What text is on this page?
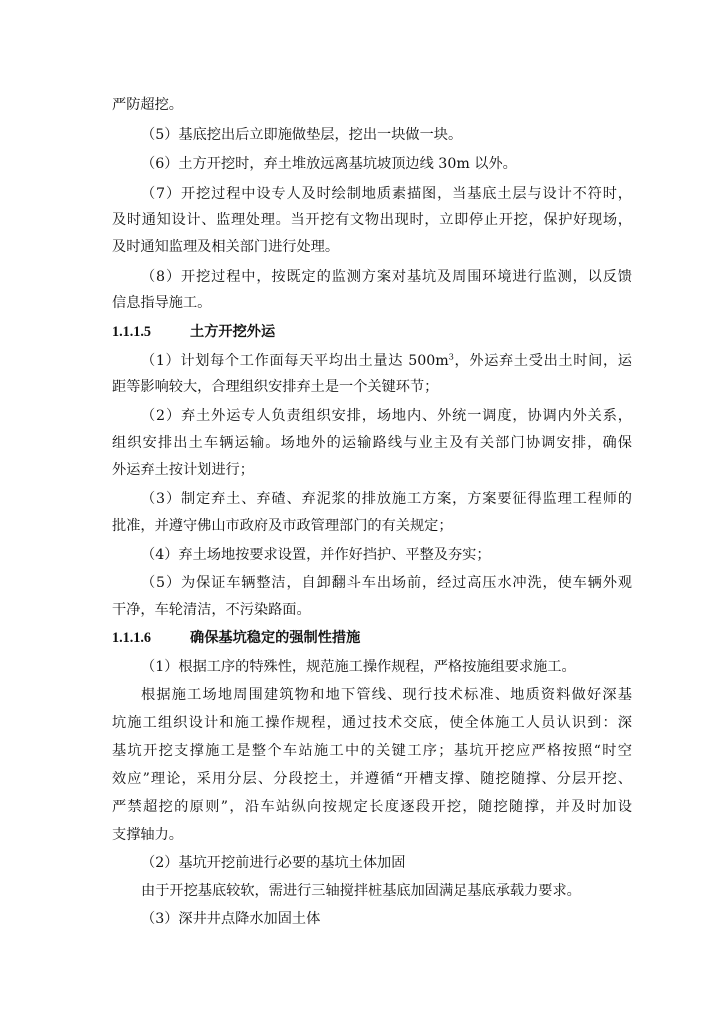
严防超挖。
（5）基底挖出后立即施做垫层，挖出一块做一块。
（6）土方开挖时，弃土堆放远离基坑坡顶边线 30m 以外。
（7）开挖过程中设专人及时绘制地质素描图，当基底土层与设计不符时，
及时通知设计、监理处理。当开挖有文物出现时，立即停止开挖，保护好现场，
及时通知监理及相关部门进行处理。
（8）开挖过程中，按既定的监测方案对基坑及周围环境进行监测，以反馈
信息指导施工。
1.1.1.5	土方开挖外运
（1）计划每个工作面每天平均出土量达 $500m^3$，外运弃土受出土时间，运
距等影响较大，合理组织安排弃土是一个关键环节；
（2）弃土外运专人负责组织安排，场地内、外统一调度，协调内外关系，
组织安排出土车辆运输。场地外的运输路线与业主及有关部门协调安排，确保
外运弃土按计划进行；
（3）制定弃土、弃碴、弃泥浆的排放施工方案，方案要征得监理工程师的
批准，并遵守佛山市政府及市政管理部门的有关规定；
（4）弃土场地按要求设置，并作好挡护、平整及夯实；
（5）为保证车辆整洁，自卸翻斗车出场前，经过高压水冲洗，使车辆外观
干净，车轮清洁，不污染路面。
1.1.1.6	确保基坑稳定的强制性措施
（1）根据工序的特殊性，规范施工操作规程，严格按施组要求施工。
根据施工场地周围建筑物和地下管线、现行技术标准、地质资料做好深基
坑施工组织设计和施工操作规程，通过技术交底，使全体施工人员认识到：深
基坑开挖支撑施工是整个车站施工中的关键工序；基坑开挖应严格按照“时空
效应”理论，采用分层、分段挖土，并遵循“开槽支撑、随挖随撑、分层开挖、
严禁超挖的原则”，沿车站纵向按规定长度逐段开挖，随挖随撑，并及时加设
支撑轴力。
（2）基坑开挖前进行必要的基坑土体加固
由于开挖基底较软，需进行三轴搅拌桩基底加固满足基底承载力要求。
（3）深井井点降水加固土体
